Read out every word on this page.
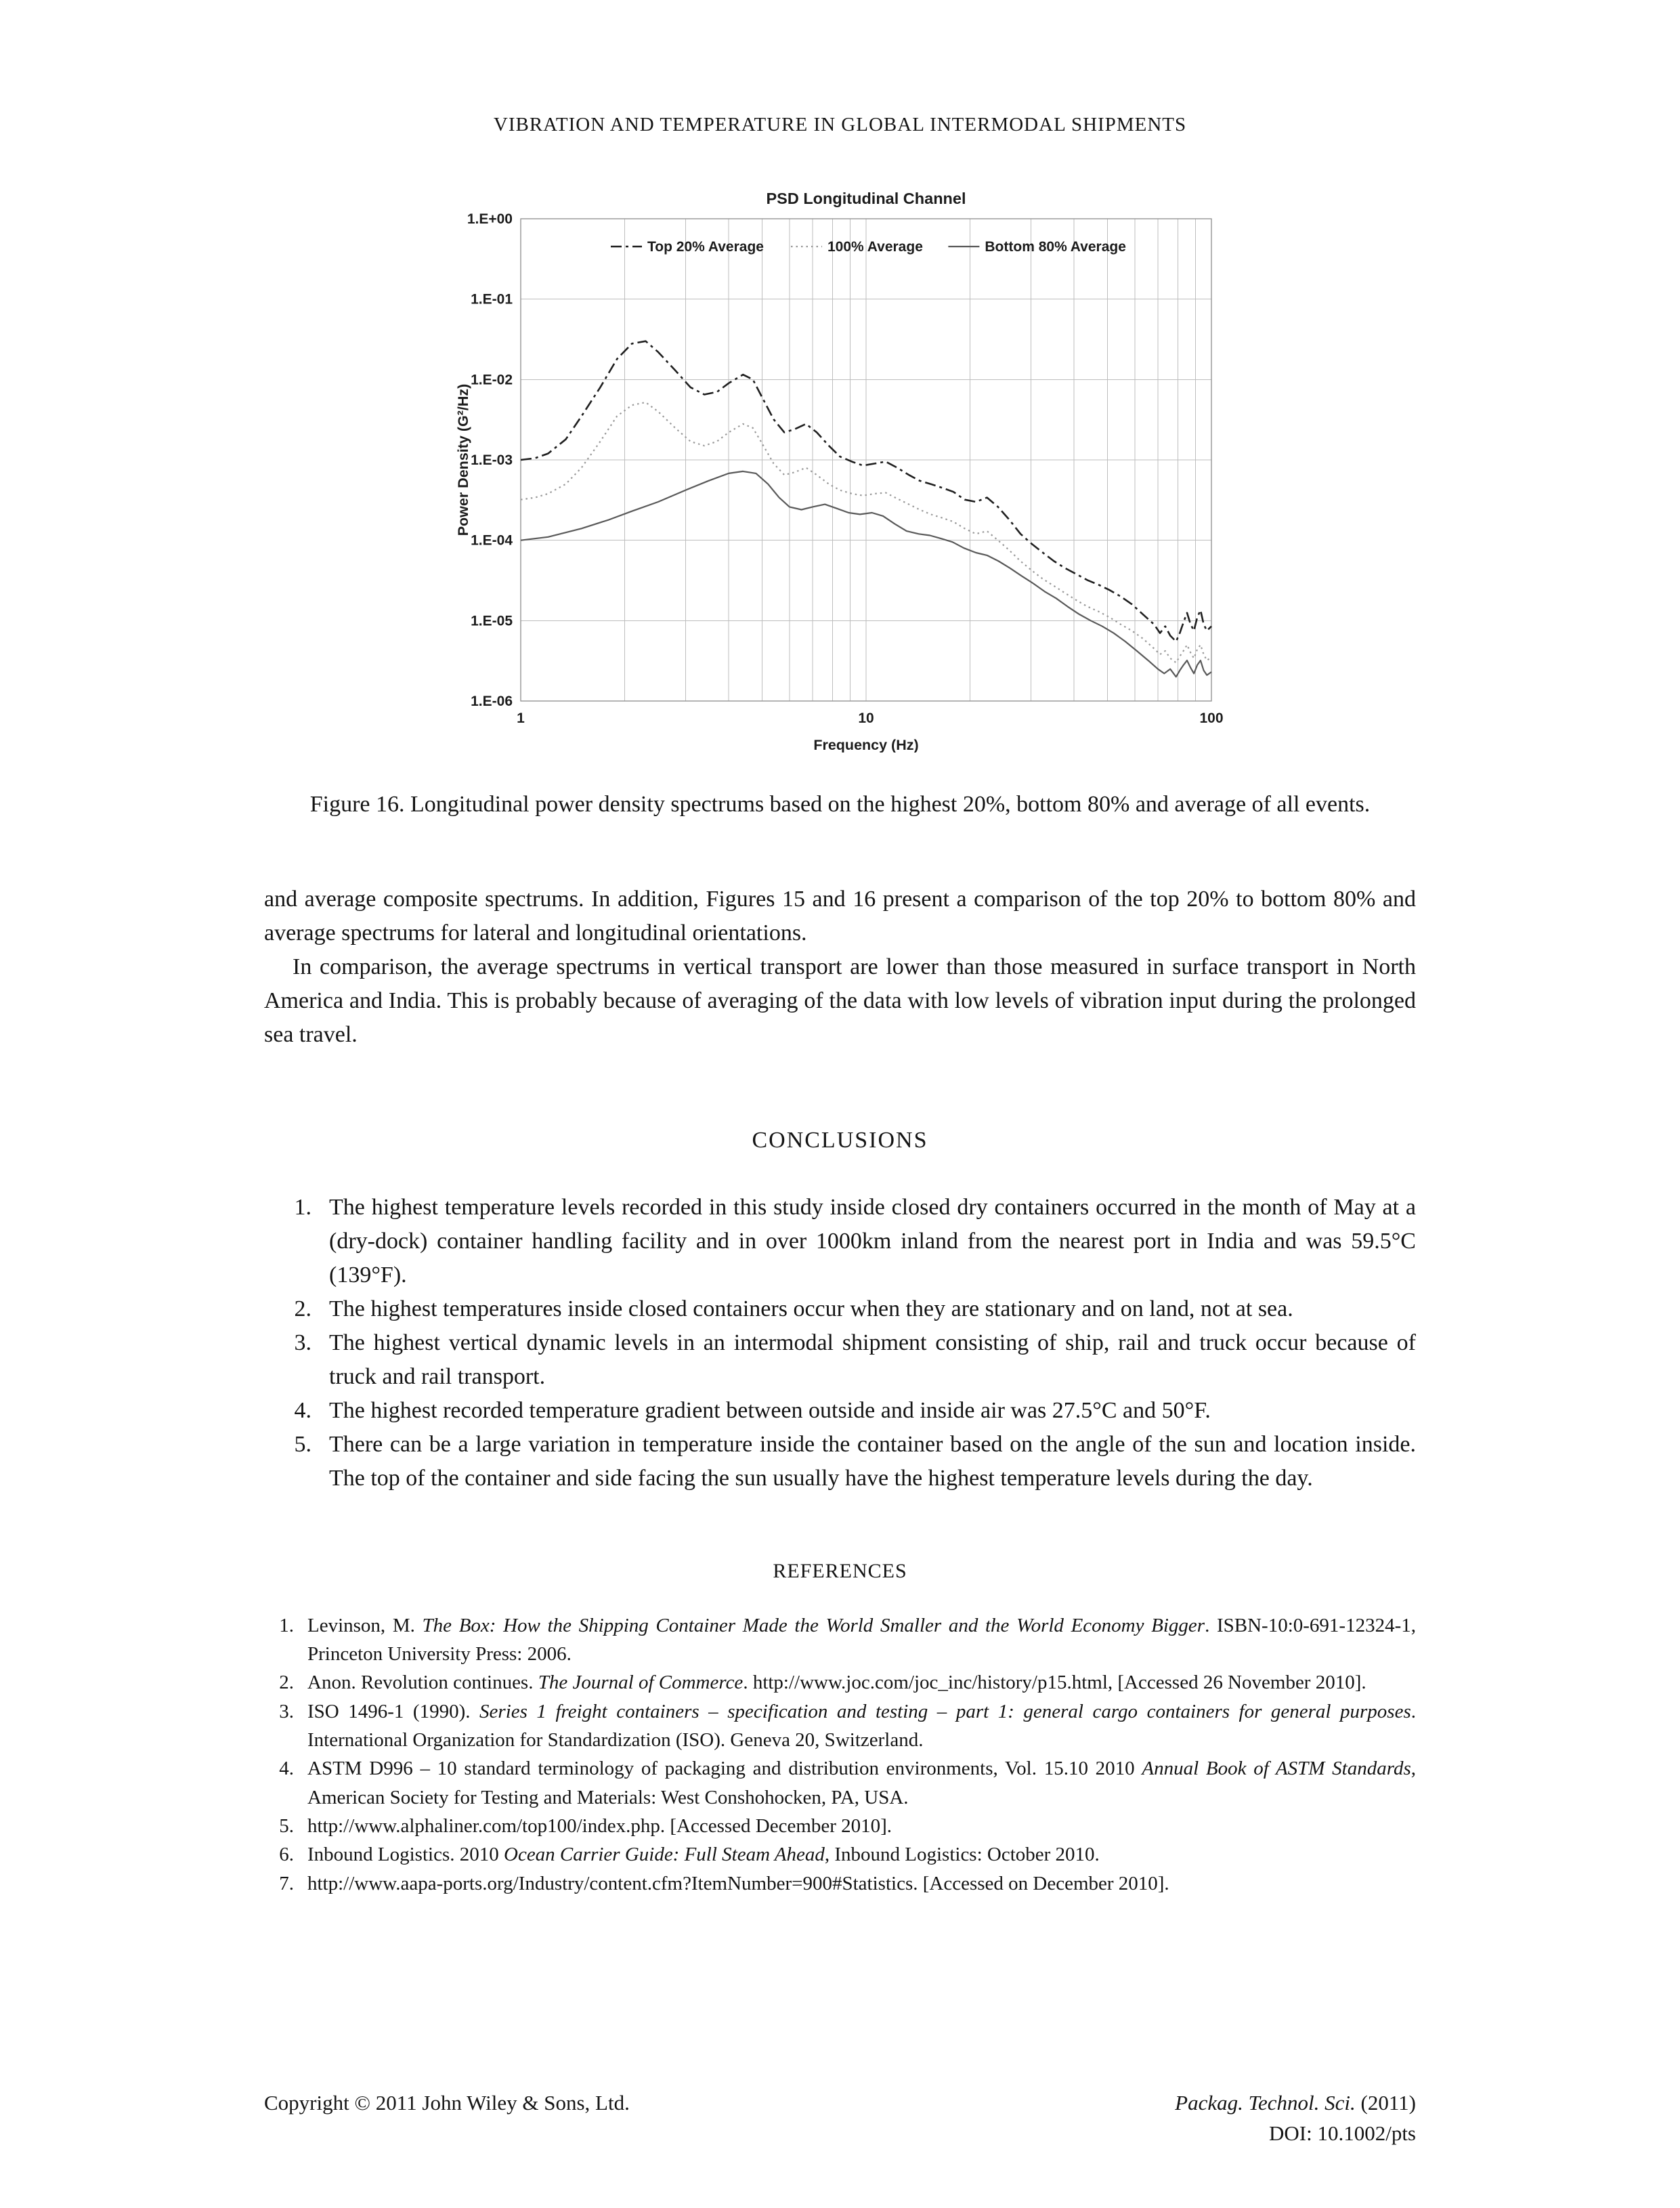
VIBRATION AND TEMPERATURE IN GLOBAL INTERMODAL SHIPMENTS
1.E+00
1.E-01
1.E-02
1.E-03
1.E-04
1.E-05
1.E-06
1	10	100
PSD Longitudinal Channel
Frequency (Hz)
Power Density (G²/Hz)
Top 20% Average	100% Average	Bottom 80% Average
Figure 16. Longitudinal power density spectrums based on the highest 20%, bottom 80% and average of all events.

and average composite spectrums. In addition, Figures 15 and 16 present a comparison of the top 20% to bottom 80% and average spectrums for lateral and longitudinal orientations.

In comparison, the average spectrums in vertical transport are lower than those measured in surface transport in North America and India. This is probably because of averaging of the data with low levels of vibration input during the prolonged sea travel.

CONCLUSIONS
1. The highest temperature levels recorded in this study inside closed dry containers occurred in the month of May at a (dry-dock) container handling facility and in over 1000km inland from the nearest port in India and was 59.5°C (139°F).
2. The highest temperatures inside closed containers occur when they are stationary and on land, not at sea.
3. The highest vertical dynamic levels in an intermodal shipment consisting of ship, rail and truck occur because of truck and rail transport.
4. The highest recorded temperature gradient between outside and inside air was 27.5°C and 50°F.
5. There can be a large variation in temperature inside the container based on the angle of the sun and location inside. The top of the container and side facing the sun usually have the highest temperature levels during the day.
REFERENCES
1. Levinson, M. The Box: How the Shipping Container Made the World Smaller and the World Economy Bigger. ISBN-10:0-691-12324-1, Princeton University Press: 2006.
2. Anon. Revolution continues. The Journal of Commerce. http://www.joc.com/joc_inc/history/p15.html, [Accessed 26 November 2010].
3. ISO 1496-1 (1990). Series 1 freight containers – specification and testing – part 1: general cargo containers for general purposes. International Organization for Standardization (ISO). Geneva 20, Switzerland.
4. ASTM D996 – 10 standard terminology of packaging and distribution environments, Vol. 15.10 2010 Annual Book of ASTM Standards, American Society for Testing and Materials: West Conshohocken, PA, USA.
5. http://www.alphaliner.com/top100/index.php. [Accessed December 2010].
6. Inbound Logistics. 2010 Ocean Carrier Guide: Full Steam Ahead, Inbound Logistics: October 2010.
7. http://www.aapa-ports.org/Industry/content.cfm?ItemNumber=900#Statistics. [Accessed on December 2010].
Copyright © 2011 John Wiley & Sons, Ltd.	Packag. Technol. Sci. (2011)
DOI: 10.1002/pts
